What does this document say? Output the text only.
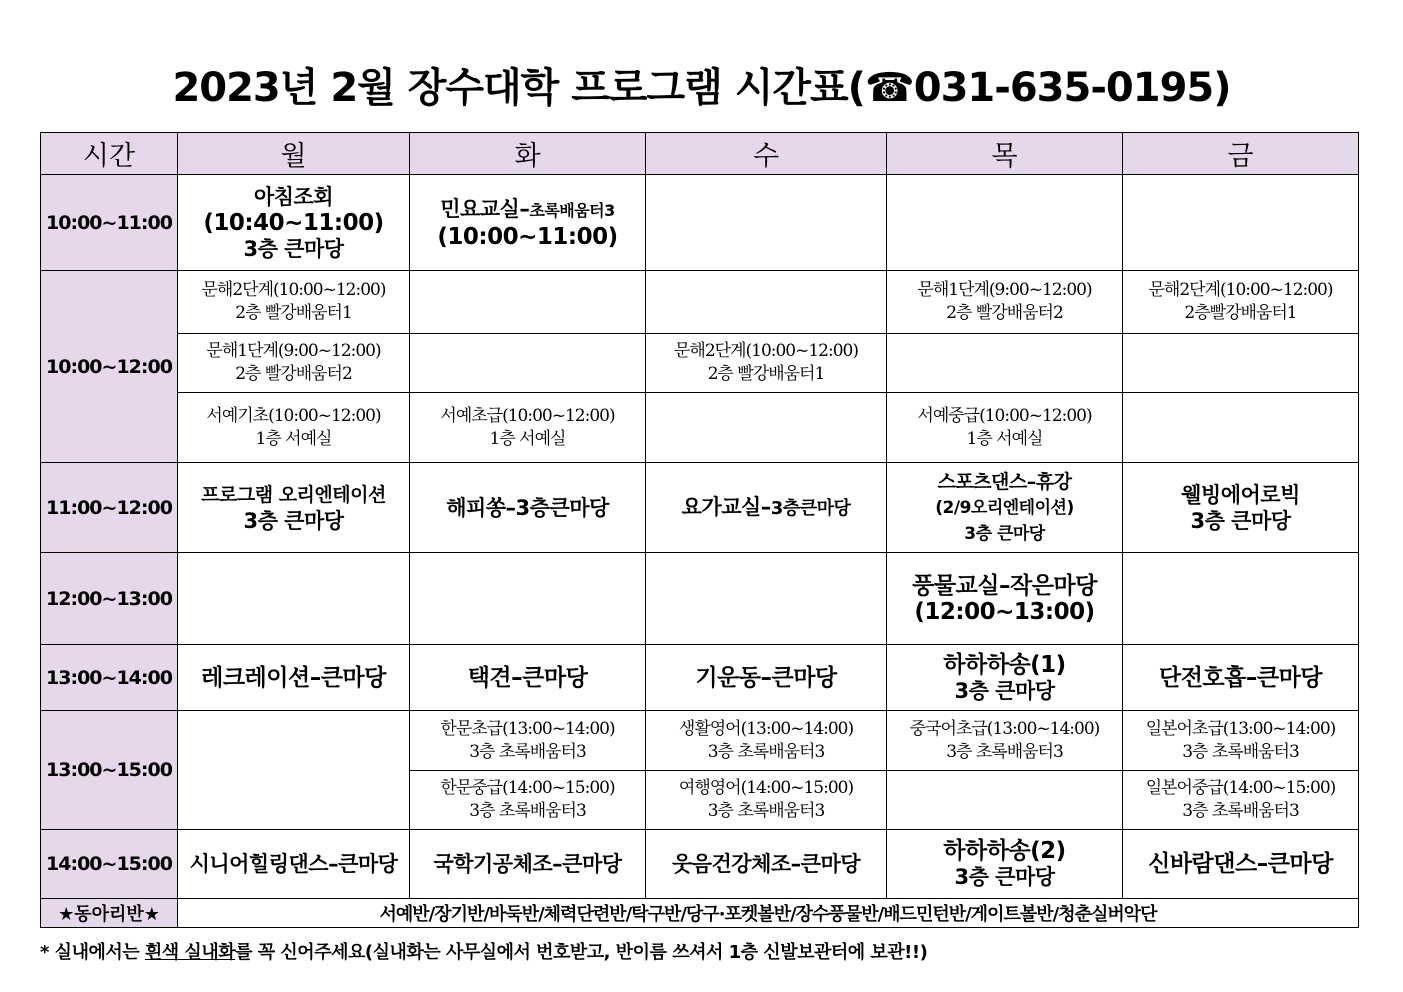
2023년 2월 장수대학 프로그램 시간표(☎031-635-0195)
시간	월	화	수	목	금
10:00~11:00	아침조회
(10:40~11:00)
3층 큰마당	민요교실–초록배움터3
(10:00~11:00)			

10:00~12:00	문해2단계(10:00~12:00)
2층 빨강배움터1			문해1단계(9:00~12:00)
2층 빨강배움터2	문해2단계(10:00~12:00)
2층빨강배움터1

	문해1단계(9:00~12:00)
2층 빨강배움터2		문해2단계(10:00~12:00)
2층 빨강배움터1		

	서예기초(10:00~12:00)
1층 서예실	서예초급(10:00~12:00)
1층 서예실		서예중급(10:00~12:00)
1층 서예실	

11:00~12:00	프로그램 오리엔테이션
3층 큰마당	해피쏭–3층큰마당	요가교실–3층큰마당	스포츠댄스–휴강
(2/9오리엔테이션)
3층 큰마당	웰빙에어로빅
3층 큰마당

12:00~13:00				풍물교실–작은마당
(12:00~13:00)	

13:00~14:00	레크레이션–큰마당	택견–큰마당	기운동–큰마당	하하하송(1)
3층 큰마당	단전호흡–큰마당

13:00~15:00		한문초급(13:00~14:00)
3층 초록배움터3	생활영어(13:00~14:00)
3층 초록배움터3	중국어초급(13:00~14:00)
3층 초록배움터3	일본어초급(13:00~14:00)
3층 초록배움터3

		한문중급(14:00~15:00)
3층 초록배움터3	여행영어(14:00~15:00)
3층 초록배움터3		일본어중급(14:00~15:00)
3층 초록배움터3

14:00~15:00	시니어힐링댄스–큰마당	국학기공체조–큰마당	웃음건강체조–큰마당	하하하송(2)
3층 큰마당	신바람댄스–큰마당

★동아리반★	서예반/장기반/바둑반/체력단련반/탁구반/당구·포켓볼반/장수풍물반/배드민턴반/게이트볼반/청춘실버악단				
* 실내에서는 흰색 실내화를 꼭 신어주세요(실내화는 사무실에서 번호받고, 반이름 쓰셔서 1층 신발보관터에 보관!!)
